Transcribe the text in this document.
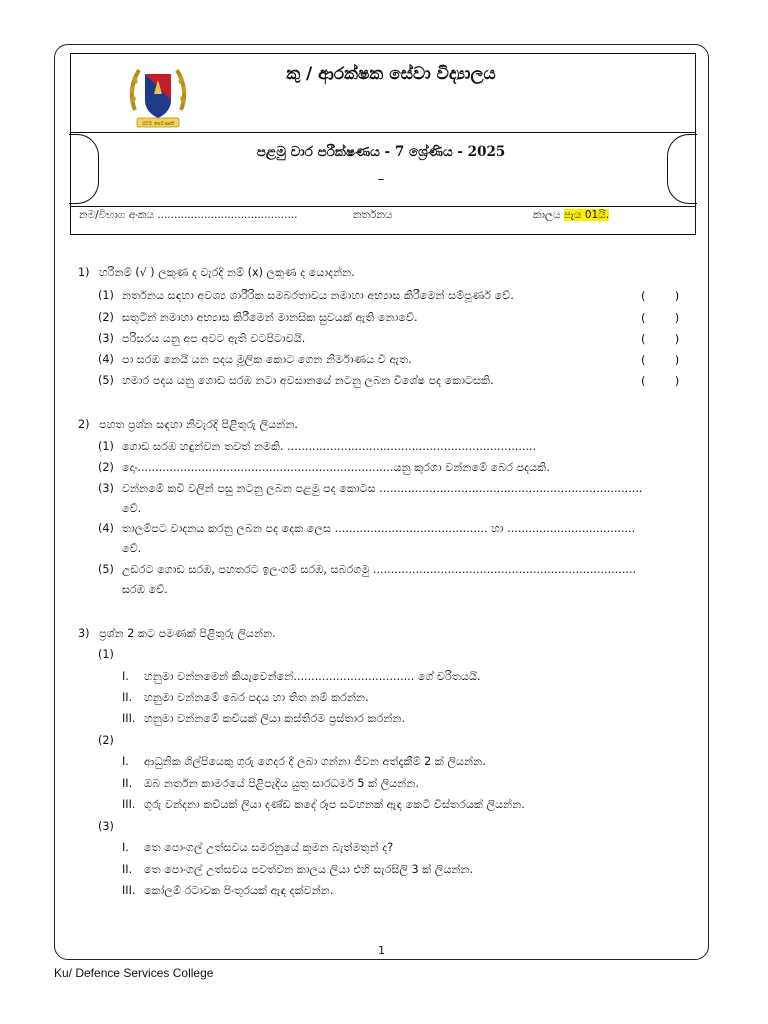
රටට සෙවණක්
කු / ආරක්ෂක සේවා විද්‍යාලය
පළමු වාර පරීක්ෂණය - 7 ශ්‍රේණිය - 2025
–
නම/විභාග අංකය ..........................................	නර්තනය	කාලය පැය 01යි.
1) හරිනම් (√ ) ලකුණ ද වැරදි නම් (x) ලකුණ ද යොදන්න.
(1) නර්තනය සඳහා අවශ්‍ය ශාරීරික සමබරතාවය නමාහා අභ්‍යාස කිරීමෙන් සම්පූර්ණ වේ.	(        )
(2) සතුටින් නමාහා අභ්‍යාස කිරීමෙන් මානසික සුවයක් ඇති නොවේ.	(        )
(3) පරිසරය යනු අප අවට ඇති වටපිටාවයි.	(        )
(4) පා සරඹ නෙයි යන පදය මූලික කොට ගෙන නිර්මාණය වී ඇත.	(        )
(5) හමාර පදය යනු ගොඩ සරඹ නටා අවසානයේ නටනු ලබන විශේෂ පද කොටසකි.	(        )
2) පහත ප්‍රශ්න සඳහා නිවැරදි පිළිතුරු ලියන්න.
(1) ගොඩ සරඹ හඳුන්වන තවත් නමකි. ......................................................................
(2) දොං........................................................................යනු කුරගා වන්නමේ බෙර පදයකි.
(3) වන්නමේ කවි වලින් පසු නටනු ලබන පළමු පද කොටස ..........................................................................
වේ.
(4) තාලම්පට වාදනය කරනු ලබන පද දෙක ලෙස ........................................... හා ....................................
වේ.
(5) උඩරට ගොඩ සරඹ, පහතරට ඉලංගම් සරඹ, සබරගමු ..........................................................................
සරඹ වේ.
3) ප්‍රශ්න 2 කට පමණක් පිළිතුරු ලියන්න.
(1)
I. හනුමා වන්නමෙන් කියැවෙන්නේ.................................. ගේ චරිතයයි.
II. හනුමා වන්නමේ බෙර පදය හා තිත නම් කරන්න.
III. හනුමා වන්නමේ කවියක් ලියා කස්තිරම ප්‍රස්තාර කරන්න.
(2)
I. ආධුනික ශිල්පියෙකු ගුරු ගෙදර දී ලබා ගන්නා ජීවන අත්දැකීම් 2 ක් ලියන්න.
II. ඔබ නර්තන කාමරයේ පිළිපැදිය යුතු සාරධර්ම 5 ක් ලියන්න.
III. ගුරු වන්දනා කවියක් ලියා දණ්ඩ කදේ රූප සටහනක් ඇඳ කෙටි විස්තරයක් ලියන්න.
(3)
I. තෙ පොංගල් උත්සවය සමරනුයේ කුමන බැත්මතුන් ද?
II. තෙ පොංගල් උත්සවය පවත්වන කාලය ලියා එහි සැරසිලි 3 ක් ලියන්න.
III. කෝලම් රටාවක පිංතූරයක් ඇඳ දක්වන්න.
1
Ku/ Defence Services College
